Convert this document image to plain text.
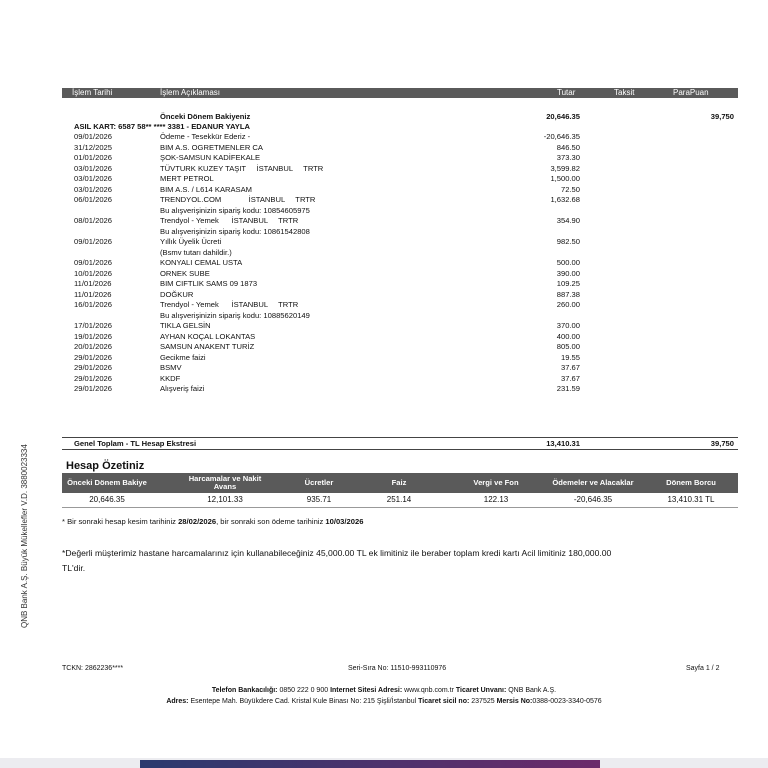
İşlem Tarihi	İşlem Açıklaması	Tutar	Taksit	ParaPuan
Önceki Dönem Bakiyeniz	20,646.35	39,750
ASIL KART: 6587 58** **** 3381 - EDANUR YAYLA
09/01/2026	Ödeme - Tesekkür Ederiz -	-20,646.35
31/12/2025	BIM A.S. OGRETMENLER CA	846.50
01/01/2026	ŞOK-SAMSUN KADİFEKALE	373.30
03/01/2026	TÜVTURK KUZEY TAŞIT     İSTANBUL     TRTR	3,599.82
03/01/2026	MERT PETROL	1,500.00
03/01/2026	BIM A.S. / L614 KARASAM	72.50
06/01/2026	TRENDYOL.COM             İSTANBUL     TRTR	1,632.68
Bu alışverişinizin sipariş kodu: 10854605975
08/01/2026	Trendyol - Yemek      İSTANBUL     TRTR	354.90
Bu alışverişinizin sipariş kodu: 10861542808
09/01/2026	Yıllık Üyelik Ücreti	982.50
(Bsmv tutarı dahildir.)
09/01/2026	KONYALI CEMAL USTA	500.00
10/01/2026	ORNEK SUBE	390.00
11/01/2026	BIM CIFTLIK SAMS 09 1873	109.25
11/01/2026	DOĞKUR	887.38
16/01/2026	Trendyol - Yemek      İSTANBUL     TRTR	260.00
Bu alışverişinizin sipariş kodu: 10885620149
17/01/2026	TIKLA GELSİN	370.00
19/01/2026	AYHAN KOÇAL LOKANTAS	400.00
20/01/2026	SAMSUN ANAKENT TURİZ	805.00
29/01/2026	Gecikme faizi	19.55
29/01/2026	BSMV	37.67
29/01/2026	KKDF	37.67
29/01/2026	Alışveriş faizi	231.59
Genel Toplam - TL Hesap Ekstresi	13,410.31	39,750
Hesap Özetiniz
Önceki Dönem Bakiye	Harcamalar ve Nakit Avans	Ücretler	Faiz	Vergi ve Fon	Ödemeler ve Alacaklar	Dönem Borcu
20,646.35	12,101.33	935.71	251.14	122.13	-20,646.35	13,410.31 TL
* Bir sonraki hesap kesim tarihiniz 28/02/2026, bir sonraki son ödeme tarihiniz 10/03/2026
*Değerli müşterimiz hastane harcamalarınız için kullanabileceğiniz 45,000.00 TL ek limitiniz ile beraber toplam kredi kartı Acil limitiniz 180,000.00
TL'dir.
TCKN: 2862236****	Seri-Sıra No: 11510-993110976	Sayfa 1 / 2
Telefon Bankacılığı: 0850 222 0 900 Internet Sitesi Adresi: www.qnb.com.tr Ticaret Unvanı: QNB Bank A.Ş.
Adres: Esentepe Mah. Büyükdere Cad. Kristal Kule Binası No: 215 Şişli/İstanbul Ticaret sicil no: 237525 Mersis No:0388-0023-3340-0576
QNB Bank A.Ş. Büyük Mükellefler V.D. 3880023334
